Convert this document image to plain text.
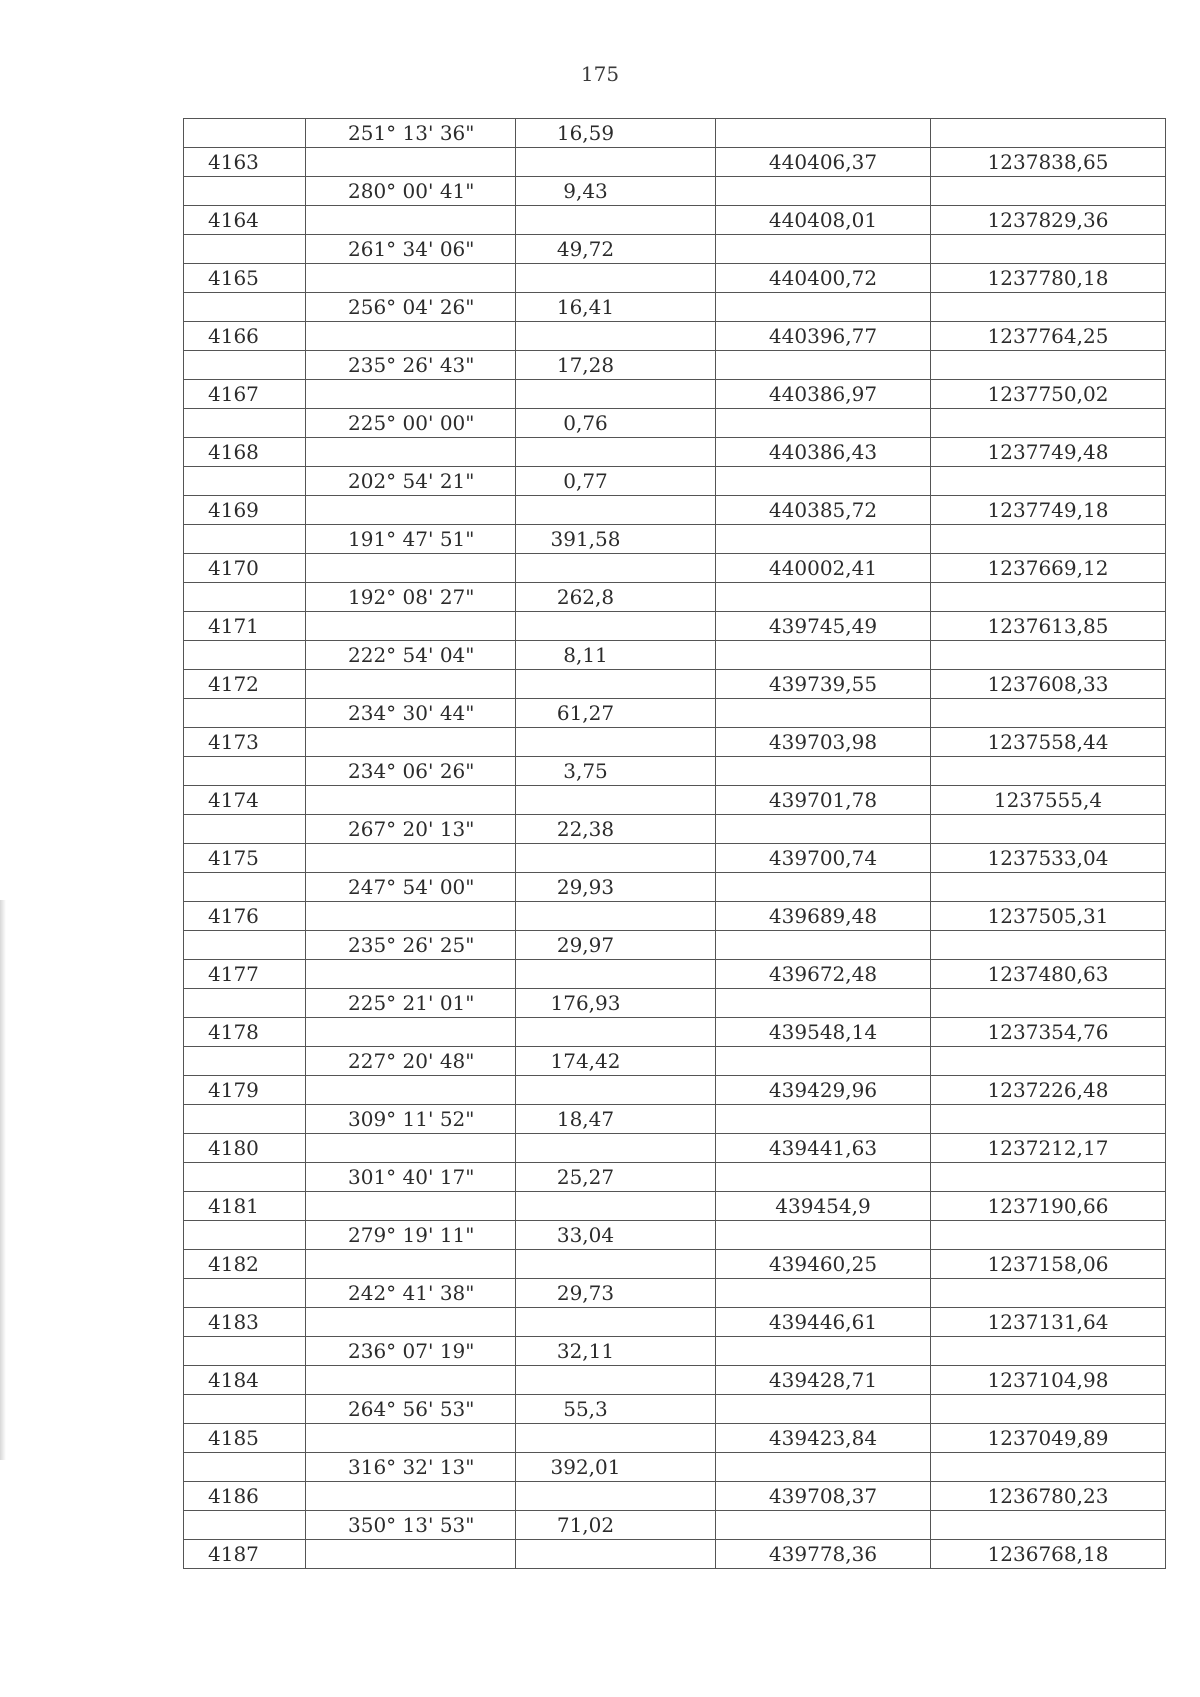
175
	251° 13' 36"	16,59		
4163			440406,37	1237838,65
	280° 00' 41"	9,43		
4164			440408,01	1237829,36
	261° 34' 06"	49,72		
4165			440400,72	1237780,18
	256° 04' 26"	16,41		
4166			440396,77	1237764,25
	235° 26' 43"	17,28		
4167			440386,97	1237750,02
	225° 00' 00"	0,76		
4168			440386,43	1237749,48
	202° 54' 21"	0,77		
4169			440385,72	1237749,18
	191° 47' 51"	391,58		
4170			440002,41	1237669,12
	192° 08' 27"	262,8		
4171			439745,49	1237613,85
	222° 54' 04"	8,11		
4172			439739,55	1237608,33
	234° 30' 44"	61,27		
4173			439703,98	1237558,44
	234° 06' 26"	3,75		
4174			439701,78	1237555,4
	267° 20' 13"	22,38		
4175			439700,74	1237533,04
	247° 54' 00"	29,93		
4176			439689,48	1237505,31
	235° 26' 25"	29,97		
4177			439672,48	1237480,63
	225° 21' 01"	176,93		
4178			439548,14	1237354,76
	227° 20' 48"	174,42		
4179			439429,96	1237226,48
	309° 11' 52"	18,47		
4180			439441,63	1237212,17
	301° 40' 17"	25,27		
4181			439454,9	1237190,66
	279° 19' 11"	33,04		
4182			439460,25	1237158,06
	242° 41' 38"	29,73		
4183			439446,61	1237131,64
	236° 07' 19"	32,11		
4184			439428,71	1237104,98
	264° 56' 53"	55,3		
4185			439423,84	1237049,89
	316° 32' 13"	392,01		
4186			439708,37	1236780,23
	350° 13' 53"	71,02		
4187			439778,36	1236768,18
